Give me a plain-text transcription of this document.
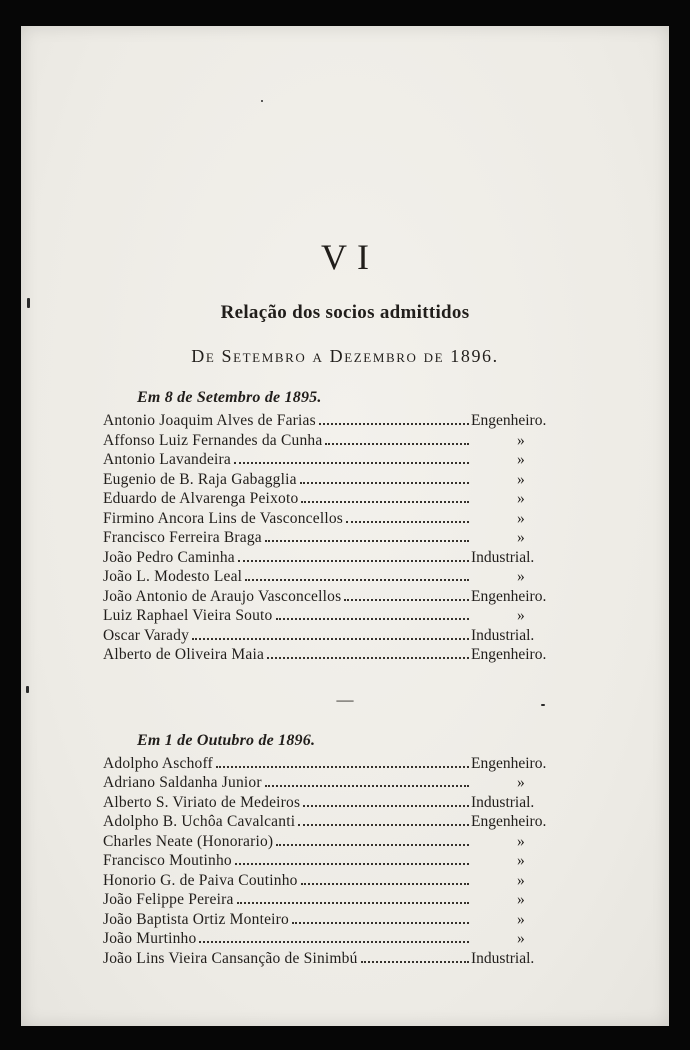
VI
Relação dos socios admittidos
De Setembro a Dezembro de 1896.
Em 8 de Setembro de 1895.
Antonio Joaquim Alves de Farias	Engenheiro.
Affonso Luiz Fernandes da Cunha	»
Antonio Lavandeira	»
Eugenio de B. Raja Gabagglia	»
Eduardo de Alvarenga Peixoto	»
Firmino Ancora Lins de Vasconcellos	»
Francisco Ferreira Braga	»
João Pedro Caminha	Industrial.
João L. Modesto Leal	»
João Antonio de Araujo Vasconcellos	Engenheiro.
Luiz Raphael Vieira Souto	»
Oscar Varady	Industrial.
Alberto de Oliveira Maia	Engenheiro.
—
Em 1 de Outubro de 1896.
Adolpho Aschoff	Engenheiro.
Adriano Saldanha Junior	»
Alberto S. Viriato de Medeiros	Industrial.
Adolpho B. Uchôa Cavalcanti	Engenheiro.
Charles Neate (Honorario)	»
Francisco Moutinho	»
Honorio G. de Paiva Coutinho	»
João Felippe Pereira	»
João Baptista Ortiz Monteiro	»
João Murtinho	»
João Lins Vieira Cansanção de Sinimbú	Industrial.
